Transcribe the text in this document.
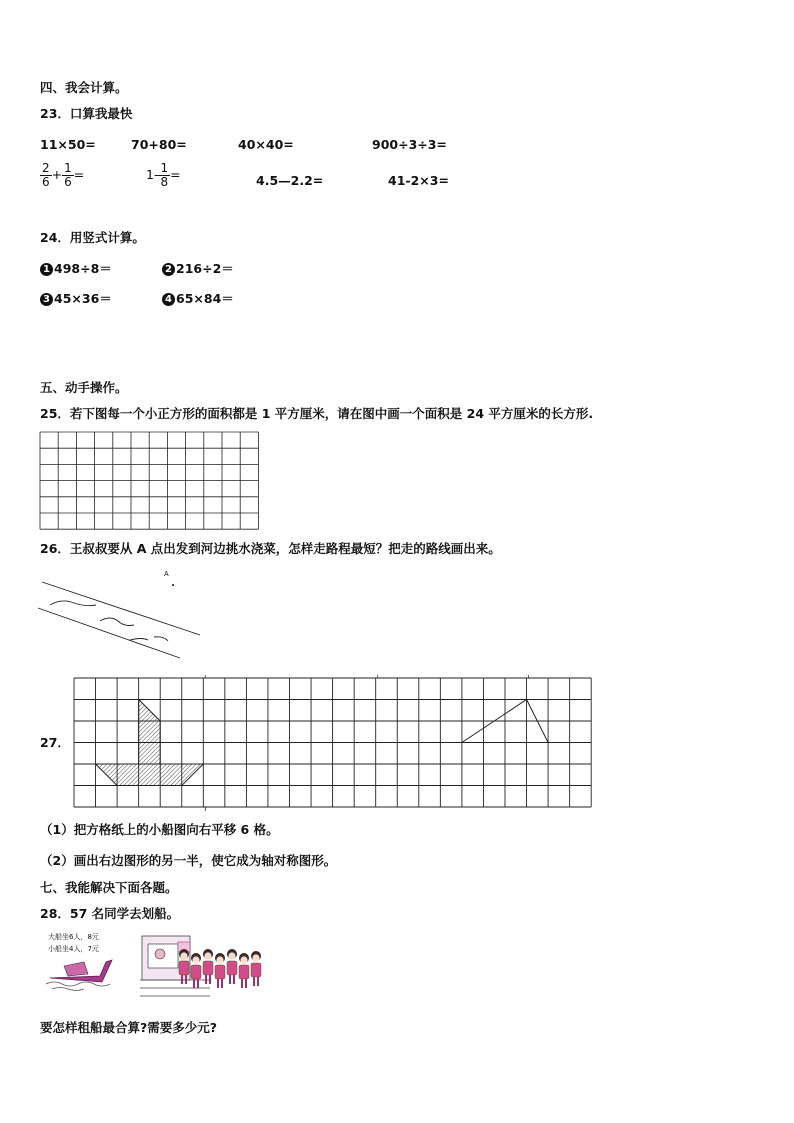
四、我会计算。
23．口算我最快
11×50=	70+80=	40×40=	900÷3÷3=
$\frac{2}{6} + \frac{1}{6}$ =	$1- \frac{1}{8}$ =	4.5—2.2=	41-2×3=
24．用竖式计算。
1 498÷8＝	2 216÷2＝
3 45×36＝	4 65×84＝
五、动手操作。
25．若下图每一个小正方形的面积都是 1 平方厘米，请在图中画一个面积是 24 平方厘米的长方形.
26．王叔叔要从 A 点出发到河边挑水浇菜，怎样走路程最短？把走的路线画出来。
A
27．
（1）把方格纸上的小船图向右平移 6 格。
（2）画出右边图形的另一半，使它成为轴对称图形。
七、我能解决下面各题。
28．57 名同学去划船。
大船坐6人，8元
小船坐4人，7元
要怎样租船最合算?需要多少元?
